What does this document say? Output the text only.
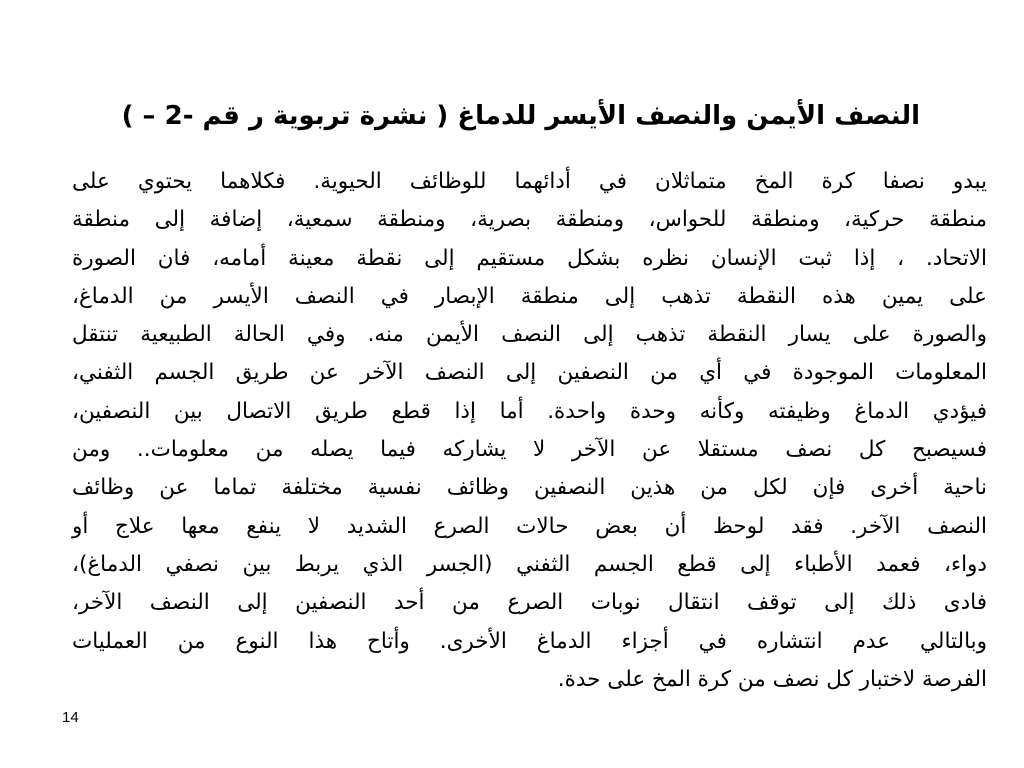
النصف الأيمن والنصف الأيسر للدماغ ( نشرة تربوية ر قم -2 – )
يبدو نصفا كرة المخ متماثلان في أدائهما للوظائف الحيوية. فكلاهما يحتوي على
منطقة حركية، ومنطقة للحواس، ومنطقة بصرية، ومنطقة سمعية، إضافة إلى منطقة
الاتحاد. ، إذا ثبت الإنسان نظره بشكل مستقيم إلى نقطة معينة أمامه، فان الصورة
على يمين هذه النقطة تذهب إلى منطقة الإبصار في النصف الأيسر من الدماغ،
والصورة على يسار النقطة تذهب إلى النصف الأيمن منه. وفي الحالة الطبيعية تنتقل
المعلومات الموجودة في أي من النصفين إلى النصف الآخر عن طريق الجسم الثفني،
فيؤدي الدماغ وظيفته وكأنه وحدة واحدة. أما إذا قطع طريق الاتصال بين النصفين،
فسيصبح كل نصف مستقلا عن الآخر لا يشاركه فيما يصله من معلومات.. ومن
ناحية أخرى فإن لكل من هذين النصفين وظائف نفسية مختلفة تماما عن وظائف
النصف الآخر. فقد لوحظ أن بعض حالات الصرع الشديد لا ينفع معها علاج أو
دواء، فعمد الأطباء إلى قطع الجسم الثفني (الجسر الذي يربط بين نصفي الدماغ)،
فادى ذلك إلى توقف انتقال نوبات الصرع من أحد النصفين إلى النصف الآخر،
وبالتالي عدم انتشاره في أجزاء الدماغ الأخرى. وأتاح هذا النوع من العمليات
الفرصة لاختبار كل نصف من كرة المخ على حدة.
14
